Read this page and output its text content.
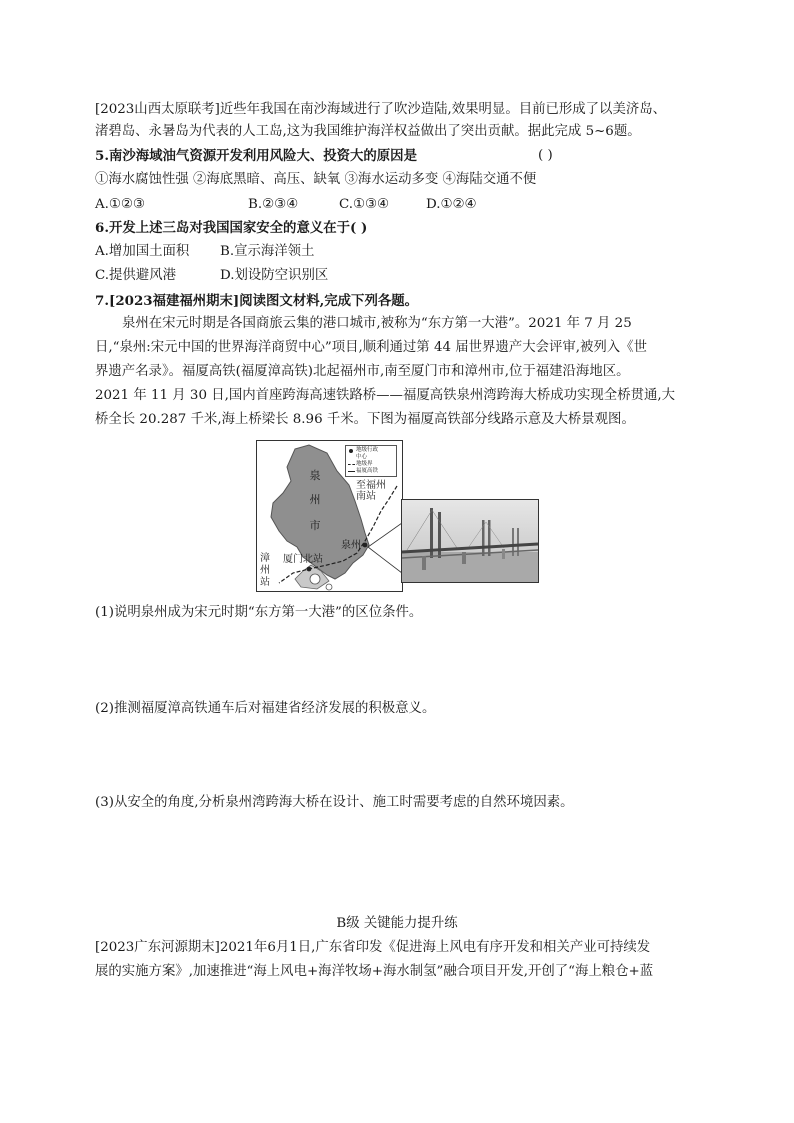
[2023山西太原联考]近些年我国在南沙海域进行了吹沙造陆,效果明显。目前已形成了以美济岛、
渚碧岛、永暑岛为代表的人工岛,这为我国维护海洋权益做出了突出贡献。据此完成 5~6题。
5.南沙海域油气资源开发利用风险大、投资大的原因是	( )
①海水腐蚀性强 ②海底黑暗、高压、缺氧 ③海水运动多变 ④海陆交通不便
A.①②③	B.②③④	C.①③④	D.①②④
6.开发上述三岛对我国国家安全的意义在于( )
A.增加国土面积 B.宣示海洋领土
C.提供避风港	D.划设防空识别区
7.[2023福建福州期末]阅读图文材料,完成下列各题。
泉州在宋元时期是各国商旅云集的港口城市,被称为“东方第一大港”。2021 年 7 月 25
日,“泉州:宋元中国的世界海洋商贸中心”项目,顺利通过第 44 届世界遗产大会评审,被列入《世
界遗产名录》。福厦高铁(福厦漳高铁)北起福州市,南至厦门市和漳州市,位于福建沿海地区。
2021 年 11 月 30 日,国内首座跨海高速铁路桥——福厦高铁泉州湾跨海大桥成功实现全桥贯通,大
桥全长 20.287 千米,海上桥梁长 8.96 千米。下图为福厦高铁部分线路示意及大桥景观图。
地级行政
中心
地级界
福厦高铁
泉
州
市
至福州
南站
泉州
厦门北站
漳
州
站
(1)说明泉州成为宋元时期“东方第一大港”的区位条件。
(2)推测福厦漳高铁通车后对福建省经济发展的积极意义。
(3)从安全的角度,分析泉州湾跨海大桥在设计、施工时需要考虑的自然环境因素。
B级 关键能力提升练
[2023广东河源期末]2021年6月1日,广东省印发《促进海上风电有序开发和相关产业可持续发
展的实施方案》,加速推进“海上风电+海洋牧场+海水制氢”融合项目开发,开创了“海上粮仓+蓝
